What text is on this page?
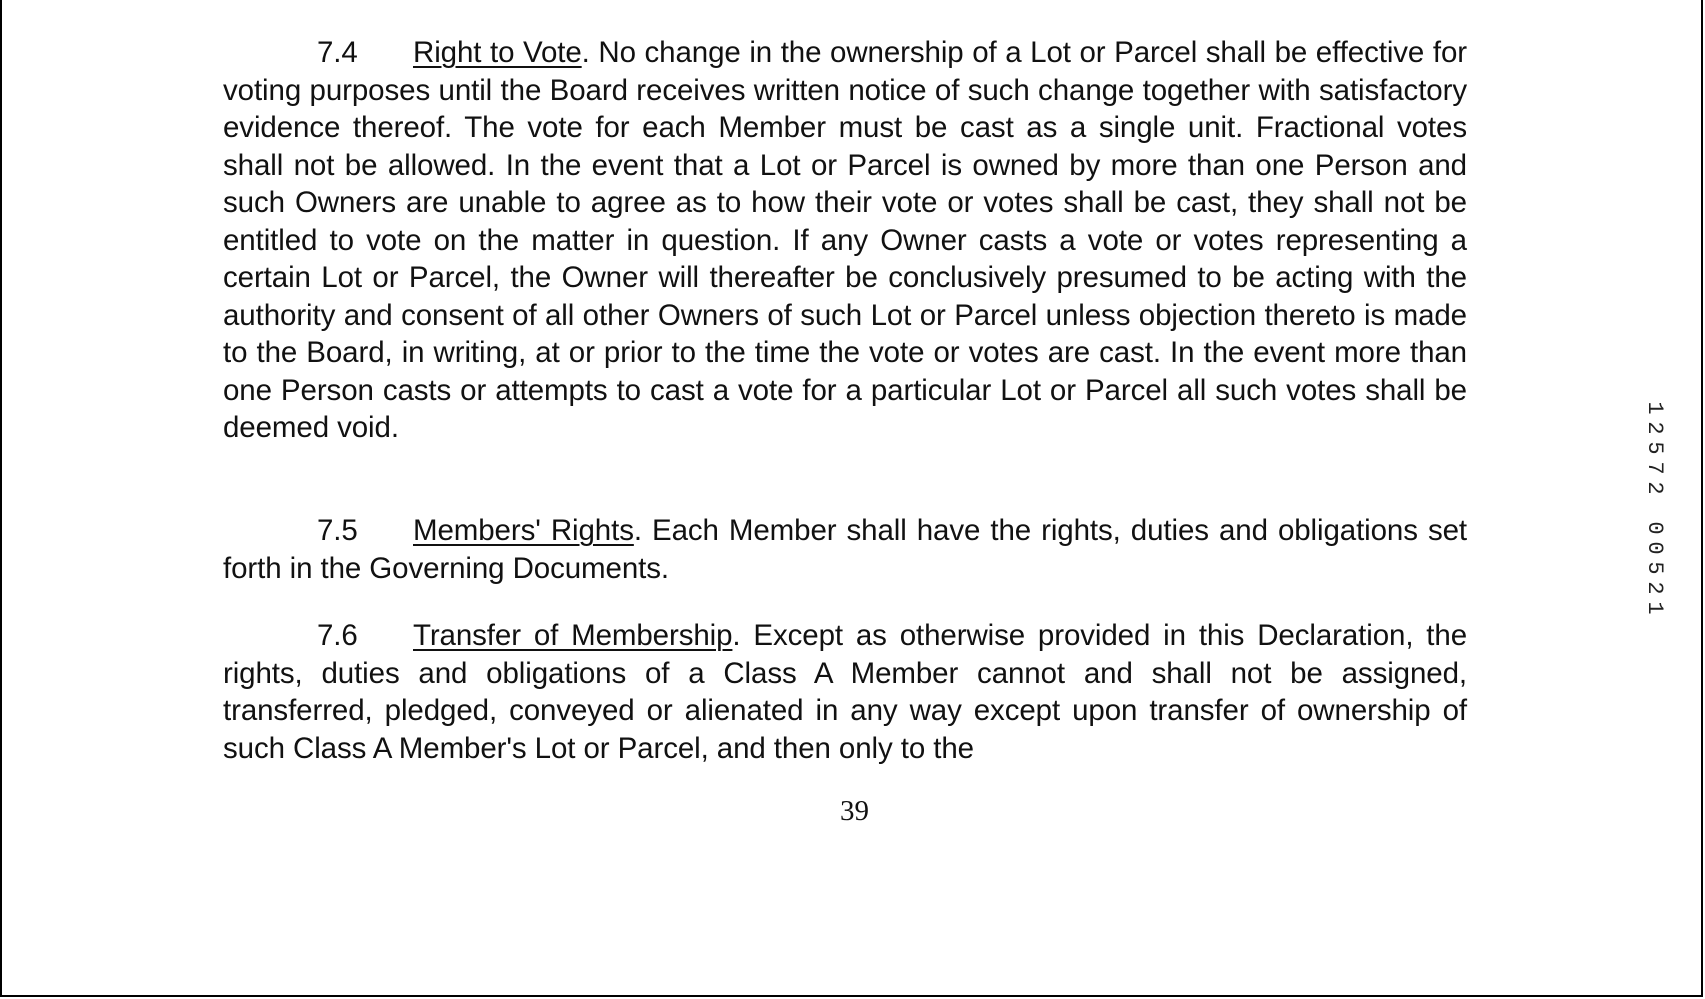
7.4 Right to Vote. No change in the ownership of a Lot or Parcel shall be effective for voting purposes until the Board receives written notice of such change together with satisfactory evidence thereof. The vote for each Member must be cast as a single unit. Fractional votes shall not be allowed. In the event that a Lot or Parcel is owned by more than one Person and such Owners are unable to agree as to how their vote or votes shall be cast, they shall not be entitled to vote on the matter in question. If any Owner casts a vote or votes representing a certain Lot or Parcel, the Owner will thereafter be conclusively presumed to be acting with the authority and consent of all other Owners of such Lot or Parcel unless objection thereto is made to the Board, in writing, at or prior to the time the vote or votes are cast. In the event more than one Person casts or attempts to cast a vote for a particular Lot or Parcel all such votes shall be deemed void.

7.5 Members' Rights. Each Member shall have the rights, duties and obligations set forth in the Governing Documents.

7.6 Transfer of Membership. Except as otherwise provided in this Declaration, the rights, duties and obligations of a Class A Member cannot and shall not be assigned, transferred, pledged, conveyed or alienated in any way except upon transfer of ownership of such Class A Member's Lot or Parcel, and then only to the

39
1
2
5
7
2
0
0
5
2
1
